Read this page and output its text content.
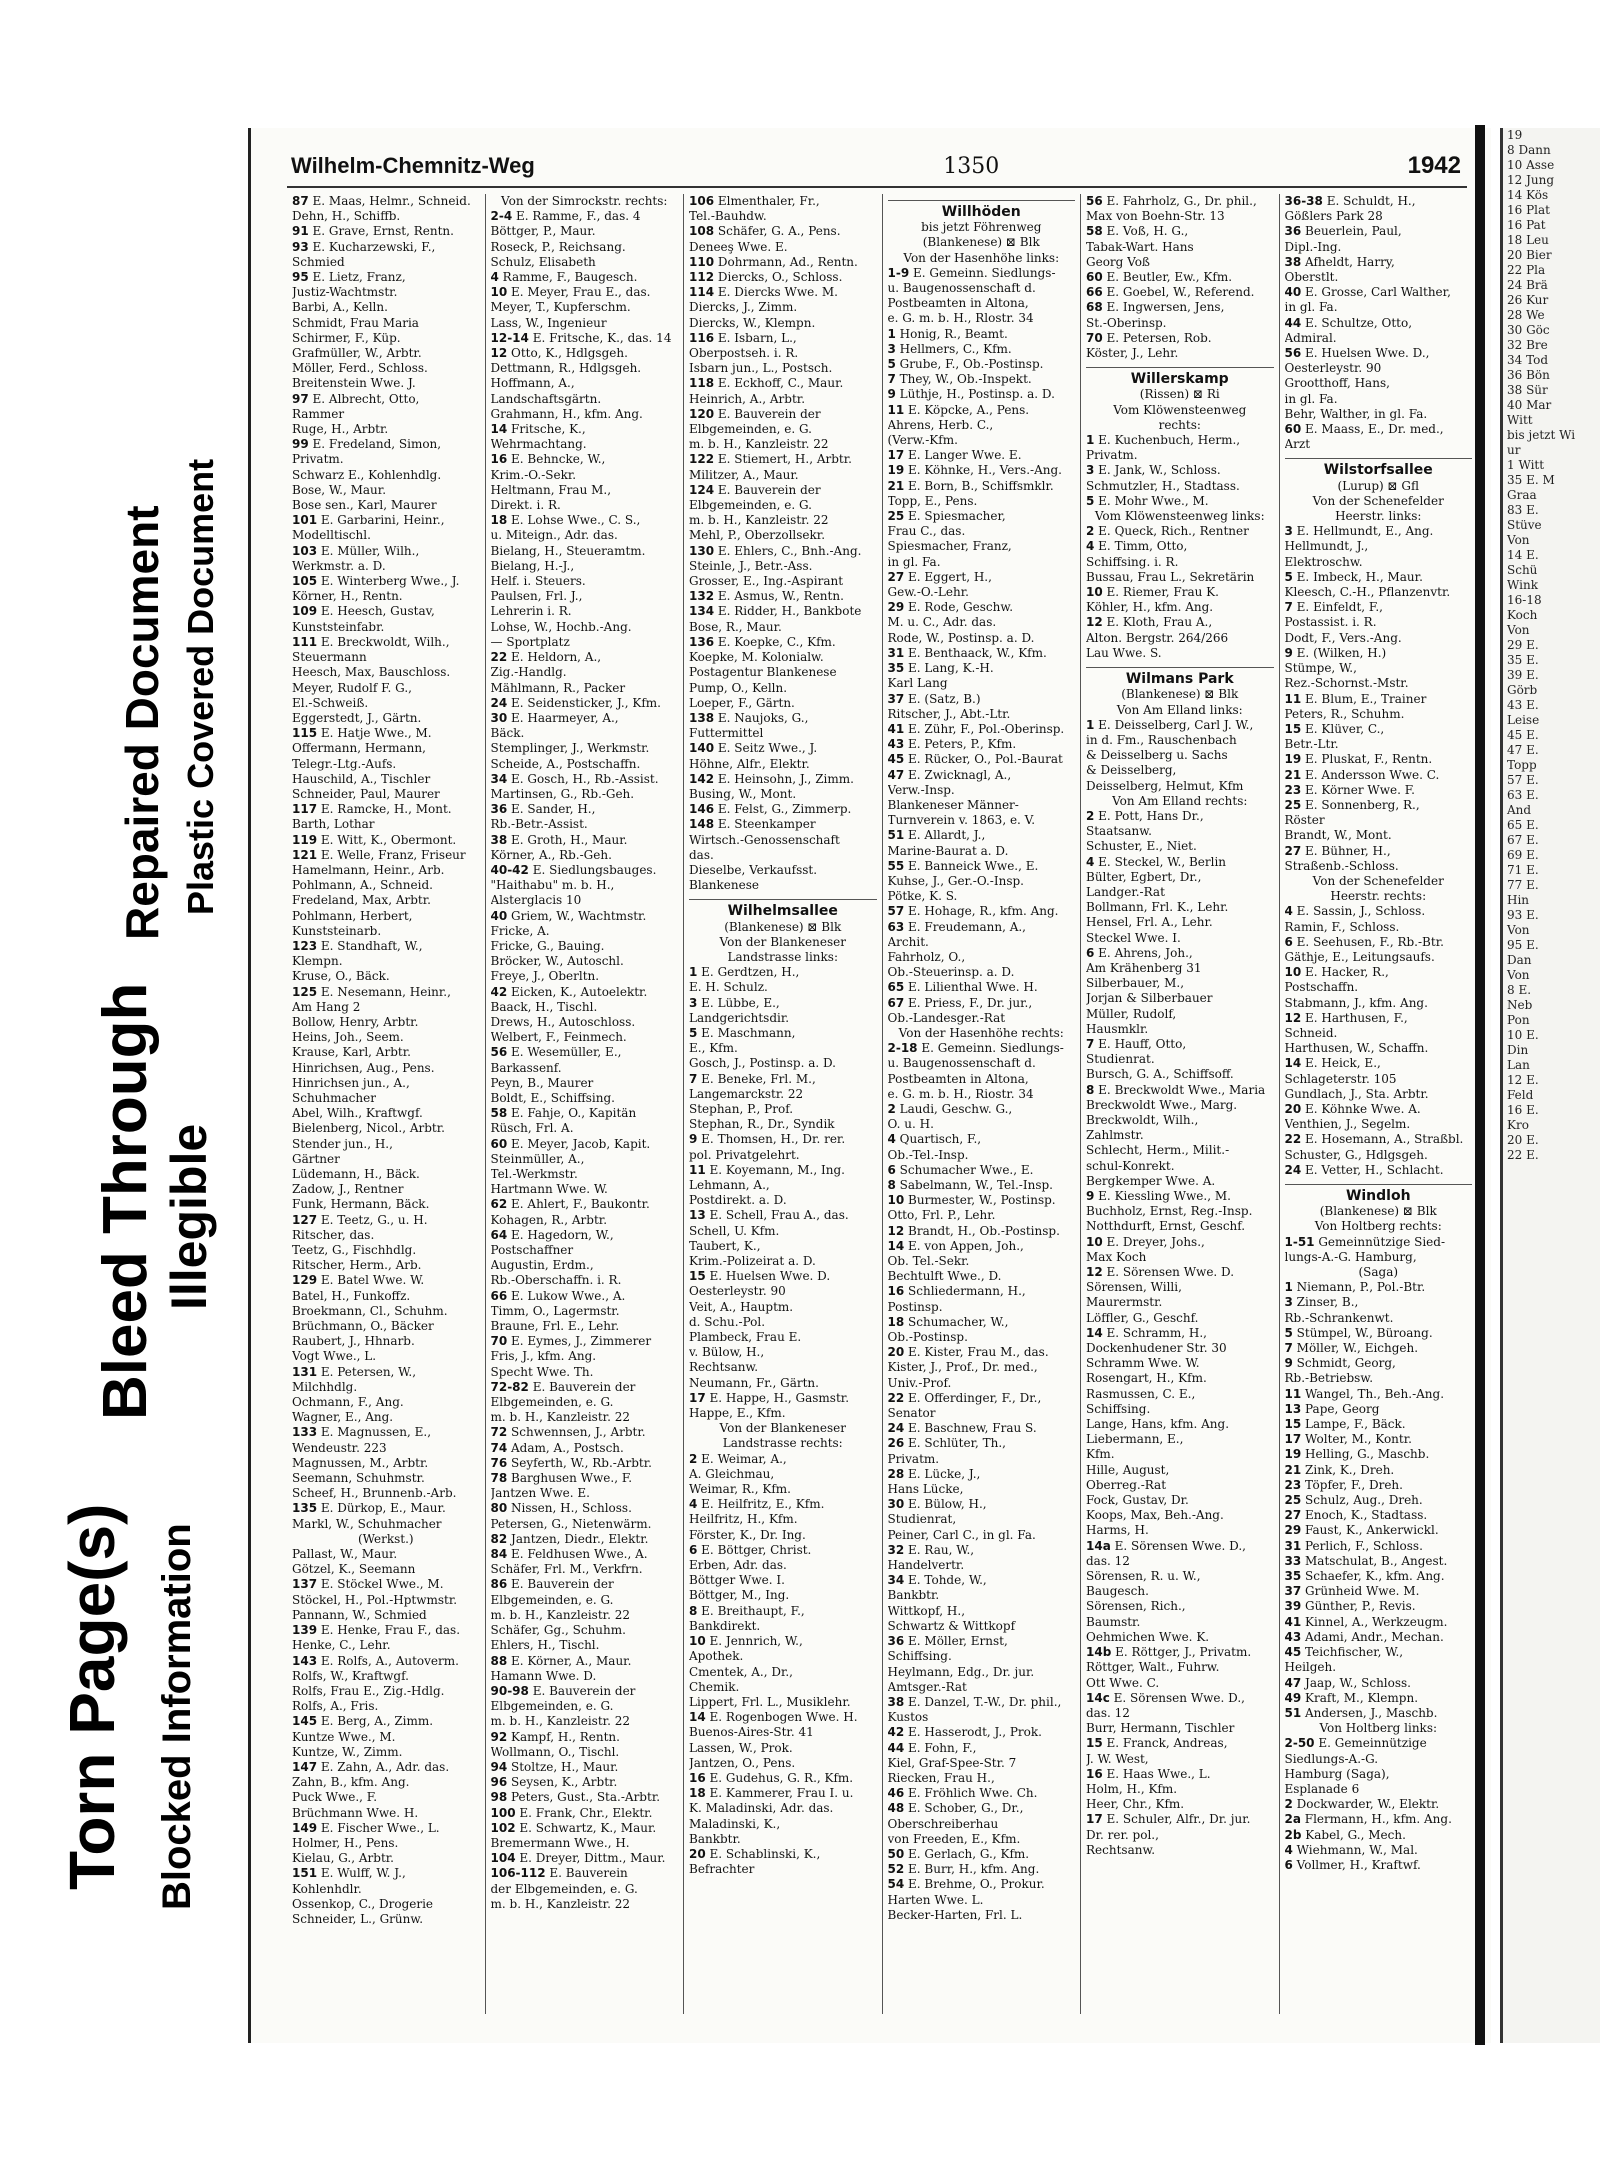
Torn Page(s) Blocked Information
Bleed Through Illegible
Repaired Document Plastic Covered Document
Wilhelm-Chemnitz-Weg	1350	1942
87 E. Maas, Helmr., Schneid.
Dehn, H., Schiffb.
91 E. Grave, Ernst, Rentn.
93 E. Kucharzewski, F.,
Schmied
95 E. Lietz, Franz,
Justiz-Wachtmstr.
Barbi, A., Kelln.
Schmidt, Frau Maria
Schirmer, F., Küp.
Grafmüller, W., Arbtr.
Möller, Ferd., Schloss.
Breitenstein Wwe. J.
97 E. Albrecht, Otto,
Rammer
Ruge, H., Arbtr.
99 E. Fredeland, Simon,
Privatm.
Schwarz E., Kohlenhdlg.
Bose, W., Maur.
Bose sen., Karl, Maurer
101 E. Garbarini, Heinr.,
Modelltischl.
103 E. Müller, Wilh.,
Werkmstr. a. D.
105 E. Winterberg Wwe., J.
Körner, H., Rentn.
109 E. Heesch, Gustav,
Kunststeinfabr.
111 E. Breckwoldt, Wilh.,
Steuermann
Heesch, Max, Bauschloss.
Meyer, Rudolf F. G.,
El.-Schweiß.
Eggerstedt, J., Gärtn.
115 E. Hatje Wwe., M.
Offermann, Hermann,
Telegr.-Ltg.-Aufs.
Hauschild, A., Tischler
Schneider, Paul, Maurer
117 E. Ramcke, H., Mont.
Barth, Lothar
119 E. Witt, K., Obermont.
121 E. Welle, Franz, Friseur
Hamelmann, Heinr., Arb.
Pohlmann, A., Schneid.
Fredeland, Max, Arbtr.
Pohlmann, Herbert,
Kunststeinarb.
123 E. Standhaft, W.,
Klempn.
Kruse, O., Bäck.
125 E. Nesemann, Heinr.,
Am Hang 2
Bollow, Henry, Arbtr.
Heins, Joh., Seem.
Krause, Karl, Arbtr.
Hinrichsen, Aug., Pens.
Hinrichsen jun., A.,
Schuhmacher
Abel, Wilh., Kraftwgf.
Bielenberg, Nicol., Arbtr.
Stender jun., H.,
Gärtner
Lüdemann, H., Bäck.
Zadow, J., Rentner
Funk, Hermann, Bäck.
127 E. Teetz, G., u. H.
Ritscher, das.
Teetz, G., Fischhdlg.
Ritscher, Herm., Arb.
129 E. Batel Wwe. W.
Batel, H., Funkoffz.
Broekmann, Cl., Schuhm.
Brüchmann, O., Bäcker
Raubert, J., Hhnarb.
Vogt Wwe., L.
131 E. Petersen, W.,
Milchhdlg.
Ochmann, F., Ang.
Wagner, E., Ang.
133 E. Magnussen, E.,
Wendeustr. 223
Magnussen, M., Arbtr.
Seemann, Schuhmstr.
Scheef, H., Brunnenb.-Arb.
135 E. Dürkop, E., Maur.
Markl, W., Schuhmacher
(Werkst.)
Pallast, W., Maur.
Götzel, K., Seemann
137 E. Stöckel Wwe., M.
Stöckel, H., Pol.-Hptwmstr.
Pannann, W., Schmied
139 E. Henke, Frau F., das.
Henke, C., Lehr.
143 E. Rolfs, A., Autoverm.
Rolfs, W., Kraftwgf.
Rolfs, Frau E., Zig.-Hdlg.
Rolfs, A., Fris.
145 E. Berg, A., Zimm.
Kuntze Wwe., M.
Kuntze, W., Zimm.
147 E. Zahn, A., Adr. das.
Zahn, B., kfm. Ang.
Puck Wwe., F.
Brüchmann Wwe. H.
149 E. Fischer Wwe., L.
Holmer, H., Pens.
Kielau, G., Arbtr.
151 E. Wulff, W. J.,
Kohlenhdlr.
Ossenkop, C., Drogerie
Schneider, L., Grünw.
Von der Simrockstr. rechts:
2-4 E. Ramme, F., das. 4
Böttger, P., Maur.
Roseck, P., Reichsang.
Schulz, Elisabeth
4 Ramme, F., Baugesch.
10 E. Meyer, Frau E., das.
Meyer, T., Kupferschm.
Lass, W., Ingenieur
12-14 E. Fritsche, K., das. 14
12 Otto, K., Hdlgsgeh.
Dettmann, R., Hdlgsgeh.
Hoffmann, A.,
Landschaftsgärtn.
Grahmann, H., kfm. Ang.
14 Fritsche, K.,
Wehrmachtang.
16 E. Behncke, W.,
Krim.-O.-Sekr.
Heltmann, Frau M.,
Direkt. i. R.
18 E. Lohse Wwe., C. S.,
u. Miteign., Adr. das.
Bielang, H., Steueramtm.
Bielang, H.-J.,
Helf. i. Steuers.
Paulsen, Frl. J.,
Lehrerin i. R.
Lohse, W., Hochb.-Ang.
— Sportplatz
22 E. Heldorn, A.,
Zig.-Handlg.
Mählmann, R., Packer
24 E. Seidensticker, J., Kfm.
30 E. Haarmeyer, A.,
Bäck.
Stemplinger, J., Werkmstr.
Scheide, A., Postschaffn.
34 E. Gosch, H., Rb.-Assist.
Martinsen, G., Rb.-Geh.
36 E. Sander, H.,
Rb.-Betr.-Assist.
38 E. Groth, H., Maur.
Körner, A., Rb.-Geh.
40-42 E. Siedlungsbauges.
"Haithabu" m. b. H.,
Alsterglacis 10
40 Griem, W., Wachtmstr.
Fricke, A.
Fricke, G., Bauing.
Bröcker, W., Autoschl.
Freye, J., Oberltn.
42 Eicken, K., Autoelektr.
Baack, H., Tischl.
Drews, H., Autoschloss.
Welbert, F., Feinmech.
56 E. Wesemüller, E.,
Barkassenf.
Peyn, B., Maurer
Boldt, E., Schiffsing.
58 E. Fahje, O., Kapitän
Rüsch, Frl. A.
60 E. Meyer, Jacob, Kapit.
Steinmüller, A.,
Tel.-Werkmstr.
Hartmann Wwe. W.
62 E. Ahlert, F., Baukontr.
Kohagen, R., Arbtr.
64 E. Hagedorn, W.,
Postschaffner
Augustin, Erdm.,
Rb.-Oberschaffn. i. R.
66 E. Lukow Wwe., A.
Timm, O., Lagermstr.
Braune, Frl. E., Lehr.
70 E. Eymes, J., Zimmerer
Fris, J., kfm. Ang.
Specht Wwe. Th.
72-82 E. Bauverein der
Elbgemeinden, e. G.
m. b. H., Kanzleistr. 22
72 Schwennsen, J., Arbtr.
74 Adam, A., Postsch.
76 Seyferth, W., Rb.-Arbtr.
78 Barghusen Wwe., F.
Jantzen Wwe. E.
80 Nissen, H., Schloss.
Petersen, G., Nietenwärm.
82 Jantzen, Diedr., Elektr.
84 E. Feldhusen Wwe., A.
Schäfer, Frl. M., Verkfrn.
86 E. Bauverein der
Elbgemeinden, e. G.
m. b. H., Kanzleistr. 22
Schäfer, Gg., Schuhm.
Ehlers, H., Tischl.
88 E. Körner, A., Maur.
Hamann Wwe. D.
90-98 E. Bauverein der
Elbgemeinden, e. G.
m. b. H., Kanzleistr. 22
92 Kampf, H., Rentn.
Wollmann, O., Tischl.
94 Stoltze, H., Maur.
96 Seysen, K., Arbtr.
98 Peters, Gust., Sta.-Arbtr.
100 E. Frank, Chr., Elektr.
102 E. Schwartz, K., Maur.
Bremermann Wwe., H.
104 E. Dreyer, Dittm., Maur.
106-112 E. Bauverein
der Elbgemeinden, e. G.
m. b. H., Kanzleistr. 22
106 Elmenthaler, Fr.,
Tel.-Bauhdw.
108 Schäfer, G. A., Pens.
Deneeş Wwe. E.
110 Dohrmann, Ad., Rentn.
112 Diercks, O., Schloss.
114 E. Diercks Wwe. M.
Diercks, J., Zimm.
Diercks, W., Klempn.
116 E. Isbarn, L.,
Oberpostseh. i. R.
Isbarn jun., L., Postsch.
118 E. Eckhoff, C., Maur.
Heinrich, A., Arbtr.
120 E. Bauverein der
Elbgemeinden, e. G.
m. b. H., Kanzleistr. 22
122 E. Stiemert, H., Arbtr.
Militzer, A., Maur.
124 E. Bauverein der
Elbgemeinden, e. G.
m. b. H., Kanzleistr. 22
Mehl, P., Oberzollsekr.
130 E. Ehlers, C., Bnh.-Ang.
Steinle, J., Betr.-Ass.
Grosser, E., Ing.-Aspirant
132 E. Asmus, W., Rentn.
134 E. Ridder, H., Bankbote
Bose, R., Maur.
136 E. Koepke, C., Kfm.
Koepke, M. Kolonialw.
Postagentur Blankenese
Pump, O., Kelln.
Loeper, F., Gärtn.
138 E. Naujoks, G.,
Futtermittel
140 E. Seitz Wwe., J.
Höhne, Alfr., Elektr.
142 E. Heinsohn, J., Zimm.
Busing, W., Mont.
146 E. Felst, G., Zimmerp.
148 E. Steenkamper
Wirtsch.-Genossenschaft
das.
Dieselbe, Verkaufsst.
Blankenese
Wilhelmsallee
(Blankenese) ⊠ Blk
Von der Blankeneser
Landstrasse links:
1 E. Gerdtzen, H.,
E. H. Schulz.
3 E. Lübbe, E.,
Landgerichtsdir.
5 E. Maschmann,
E., Kfm.
Gosch, J., Postinsp. a. D.
7 E. Beneke, Frl. M.,
Langemarckstr. 22
Stephan, P., Prof.
Stephan, R., Dr., Syndik
9 E. Thomsen, H., Dr. rer.
pol. Privatgelehrt.
11 E. Koyemann, M., Ing.
Lehmann, A.,
Postdirekt. a. D.
13 E. Schell, Frau A., das.
Schell, U. Kfm.
Taubert, K.,
Krim.-Polizeirat a. D.
15 E. Huelsen Wwe. D.
Oesterleystr. 90
Veit, A., Hauptm.
d. Schu.-Pol.
Plambeck, Frau E.
v. Bülow, H.,
Rechtsanw.
Neumann, Fr., Gärtn.
17 E. Happe, H., Gasmstr.
Happe, E., Kfm.
Von der Blankeneser
Landstrasse rechts:
2 E. Weimar, A.,
A. Gleichmau,
Weimar, R., Kfm.
4 E. Heilfritz, E., Kfm.
Heilfritz, H., Kfm.
Förster, K., Dr. Ing.
6 E. Böttger, Christ.
Erben, Adr. das.
Böttger Wwe. I.
Böttger, M., Ing.
8 E. Breithaupt, F.,
Bankdirekt.
10 E. Jennrich, W.,
Apothek.
Cmentek, A., Dr.,
Chemik.
Lippert, Frl. L., Musiklehr.
14 E. Rogenbogen Wwe. H.
Buenos-Aires-Str. 41
Lassen, W., Prok.
Jantzen, O., Pens.
16 E. Gudehus, G. R., Kfm.
18 E. Kammerer, Frau I. u.
K. Maladinski, Adr. das.
Maladinski, K.,
Bankbtr.
20 E. Schablinski, K.,
Befrachter
Willhöden
bis jetzt Föhrenweg
(Blankenese) ⊠ Blk
Von der Hasenhöhe links:
1-9 E. Gemeinn. Siedlungs-
u. Baugenossenschaft d.
Postbeamten in Altona,
e. G. m. b. H., Rlostr. 34
1 Honig, R., Beamt.
3 Hellmers, C., Kfm.
5 Grube, F., Ob.-Postinsp.
7 They, W., Ob.-Inspekt.
9 Lüthje, H., Postinsp. a. D.
11 E. Köpcke, A., Pens.
Ahrens, Herb. C.,
(Verw.-Kfm.
17 E. Langer Wwe. E.
19 E. Köhnke, H., Vers.-Ang.
21 E. Born, B., Schiffsmklr.
Topp, E., Pens.
25 E. Spiesmacher,
Frau C., das.
Spiesmacher, Franz,
in gl. Fa.
27 E. Eggert, H.,
Gew.-O.-Lehr.
29 E. Rode, Geschw.
M. u. C., Adr. das.
Rode, W., Postinsp. a. D.
31 E. Benthaack, W., Kfm.
35 E. Lang, K.-H.
Karl Lang
37 E. (Satz, B.)
Ritscher, J., Abt.-Ltr.
41 E. Zühr, F., Pol.-Oberinsp.
43 E. Peters, P., Kfm.
45 E. Rücker, O., Pol.-Baurat
47 E. Zwicknagl, A.,
Verw.-Insp.
Blankeneser Männer-
Turnverein v. 1863, e. V.
51 E. Allardt, J.,
Marine-Baurat a. D.
55 E. Banneick Wwe., E.
Kuhse, J., Ger.-O.-Insp.
Pötke, K. S.
57 E. Hohage, R., kfm. Ang.
63 E. Freudemann, A.,
Archit.
Fahrholz, O.,
Ob.-Steuerinsp. a. D.
65 E. Lilienthal Wwe. H.
67 E. Priess, F., Dr. jur.,
Ob.-Landesger.-Rat
Von der Hasenhöhe rechts:
2-18 E. Gemeinn. Siedlungs-
u. Baugenossenschaft d.
Postbeamten in Altona,
e. G. m. b. H., Riostr. 34
2 Laudi, Geschw. G.,
O. u. H.
4 Quartisch, F.,
Ob.-Tel.-Insp.
6 Schumacher Wwe., E.
8 Sabelmann, W., Tel.-Insp.
10 Burmester, W., Postinsp.
Otto, Frl. P., Lehr.
12 Brandt, H., Ob.-Postinsp.
14 E. von Appen, Joh.,
Ob. Tel.-Sekr.
Bechtulft Wwe., D.
16 Schliedermann, H.,
Postinsp.
18 Schumacher, W.,
Ob.-Postinsp.
20 E. Kister, Frau M., das.
Kister, J., Prof., Dr. med.,
Univ.-Prof.
22 E. Offerdinger, F., Dr.,
Senator
24 E. Baschnew, Frau S.
26 E. Schlüter, Th.,
Privatm.
28 E. Lücke, J.,
Hans Lücke,
30 E. Bülow, H.,
Studienrat,
Peiner, Carl C., in gl. Fa.
32 E. Rau, W.,
Handelvertr.
34 E. Tohde, W.,
Bankbtr.
Wittkopf, H.,
Schwartz & Wittkopf
36 E. Möller, Ernst,
Schiffsing.
Heylmann, Edg., Dr. jur.
Amtsger.-Rat
38 E. Danzel, T.-W., Dr. phil.,
Kustos
42 E. Hasserodt, J., Prok.
44 E. Fohn, F.,
Kiel, Graf-Spee-Str. 7
Riecken, Frau H.,
46 E. Fröhlich Wwe. Ch.
48 E. Schober, G., Dr.,
Oberschreiberhau
von Freeden, E., Kfm.
50 E. Gerlach, G., Kfm.
52 E. Burr, H., kfm. Ang.
54 E. Brehme, O., Prokur.
Harten Wwe. L.
Becker-Harten, Frl. L.
56 E. Fahrholz, G., Dr. phil.,
Max von Boehn-Str. 13
58 E. Voß, H. G.,
Tabak-Wart. Hans
Georg Voß
60 E. Beutler, Ew., Kfm.
66 E. Goebel, W., Referend.
68 E. Ingwersen, Jens,
St.-Oberinsp.
70 E. Petersen, Rob.
Köster, J., Lehr.
Willerskamp
(Rissen) ⊠ Ri
Vom Klöwensteenweg
rechts:
1 E. Kuchenbuch, Herm.,
Privatm.
3 E. Jank, W., Schloss.
Schmutzler, H., Stadtass.
5 E. Mohr Wwe., M.
Vom Klöwensteenweg links:
2 E. Queck, Rich., Rentner
4 E. Timm, Otto,
Schiffsing. i. R.
Bussau, Frau L., Sekretärin
10 E. Riemer, Frau K.
Köhler, H., kfm. Ang.
12 E. Kloth, Frau A.,
Alton. Bergstr. 264/266
Lau Wwe. S.
Wilmans Park
(Blankenese) ⊠ Blk
Von Am Elland links:
1 E. Deisselberg, Carl J. W.,
in d. Fm., Rauschenbach
& Deisselberg u. Sachs
& Deisselberg,
Deisselberg, Helmut, Kfm
Von Am Elland rechts:
2 E. Pott, Hans Dr.,
Staatsanw.
Schuster, E., Niet.
4 E. Steckel, W., Berlin
Bülter, Egbert, Dr.,
Landger.-Rat
Bollmann, Frl. K., Lehr.
Hensel, Frl. A., Lehr.
Steckel Wwe. I.
6 E. Ahrens, Joh.,
Am Krähenberg 31
Silberbauer, M.,
Jorjan & Silberbauer
Müller, Rudolf,
Hausmklr.
7 E. Hauff, Otto,
Studienrat.
Bursch, G. A., Schiffsoff.
8 E. Breckwoldt Wwe., Maria
Breckwoldt Wwe., Marg.
Breckwoldt, Wilh.,
Zahlmstr.
Schlecht, Herm., Milit.-
schul-Konrekt.
Bergkemper Wwe. A.
9 E. Kiessling Wwe., M.
Buchholz, Ernst, Reg.-Insp.
Notthdurft, Ernst, Geschf.
10 E. Dreyer, Johs.,
Max Koch
12 E. Sörensen Wwe. D.
Sörensen, Willi,
Maurermstr.
Löffler, G., Geschf.
14 E. Schramm, H.,
Dockenhudener Str. 30
Schramm Wwe. W.
Rosengart, H., Kfm.
Rasmussen, C. E.,
Schiffsing.
Lange, Hans, kfm. Ang.
Liebermann, E.,
Kfm.
Hille, August,
Oberreg.-Rat
Fock, Gustav, Dr.
Koops, Max, Beh.-Ang.
Harms, H.
14a E. Sörensen Wwe. D.,
das. 12
Sörensen, R. u. W.,
Baugesch.
Sörensen, Rich.,
Baumstr.
Oehmichen Wwe. K.
14b E. Röttger, J., Privatm.
Röttger, Walt., Fuhrw.
Ott Wwe. C.
14c E. Sörensen Wwe. D.,
das. 12
Burr, Hermann, Tischler
15 E. Franck, Andreas,
J. W. West,
16 E. Haas Wwe., L.
Holm, H., Kfm.
Heer, Chr., Kfm.
17 E. Schuler, Alfr., Dr. jur.
Dr. rer. pol.,
Rechtsanw.
36-38 E. Schuldt, H.,
Gößlers Park 28
36 Beuerlein, Paul,
Dipl.-Ing.
38 Afheldt, Harry,
Oberstlt.
40 E. Grosse, Carl Walther,
in gl. Fa.
44 E. Schultze, Otto,
Admiral.
56 E. Huelsen Wwe. D.,
Oesterleystr. 90
Grootthoff, Hans,
in gl. Fa.
Behr, Walther, in gl. Fa.
60 E. Maass, E., Dr. med.,
Arzt
Wilstorfsallee
(Lurup) ⊠ Gfl
Von der Schenefelder
Heerstr. links:
3 E. Hellmundt, E., Ang.
Hellmundt, J.,
Elektroschw.
5 E. Imbeck, H., Maur.
Kleesch, C.-H., Pflanzenvtr.
7 E. Einfeldt, F.,
Postassist. i. R.
Dodt, F., Vers.-Ang.
9 E. (Wilken, H.)
Stümpe, W.,
Rez.-Schornst.-Mstr.
11 E. Blum, E., Trainer
Peters, R., Schuhm.
15 E. Klüver, C.,
Betr.-Ltr.
19 E. Pluskat, F., Rentn.
21 E. Andersson Wwe. C.
23 E. Körner Wwe. F.
25 E. Sonnenberg, R.,
Röster
Brandt, W., Mont.
27 E. Bühner, H.,
Straßenb.-Schloss.
Von der Schenefelder
Heerstr. rechts:
4 E. Sassin, J., Schloss.
Ramin, F., Schloss.
6 E. Seehusen, F., Rb.-Btr.
Gäthje, E., Leitungsaufs.
10 E. Hacker, R.,
Postschaffn.
Stabmann, J., kfm. Ang.
12 E. Harthusen, F.,
Schneid.
Harthusen, W., Schaffn.
14 E. Heick, E.,
Schlageterstr. 105
Gundlach, J., Sta. Arbtr.
20 E. Köhnke Wwe. A.
Venthien, J., Segelm.
22 E. Hosemann, A., Straßbl.
Schuster, G., Hdlgsgeh.
24 E. Vetter, H., Schlacht.
Windloh
(Blankenese) ⊠ Blk
Von Holtberg rechts:
1-51 Gemeinnützige Sied-
lungs-A.-G. Hamburg,
(Saga)
1 Niemann, P., Pol.-Btr.
3 Zinser, B.,
Rb.-Schrankenwt.
5 Stümpel, W., Büroang.
7 Möller, W., Eichgeh.
9 Schmidt, Georg,
Rb.-Betriebsw.
11 Wangel, Th., Beh.-Ang.
13 Pape, Georg
15 Lampe, F., Bäck.
17 Wolter, M., Kontr.
19 Helling, G., Maschb.
21 Zink, K., Dreh.
23 Töpfer, F., Dreh.
25 Schulz, Aug., Dreh.
27 Enoch, K., Stadtass.
29 Faust, K., Ankerwickl.
31 Perlich, F., Schloss.
33 Matschulat, B., Angest.
35 Schaefer, K., kfm. Ang.
37 Grünheid Wwe. M.
39 Günther, P., Revis.
41 Kinnel, A., Werkzeugm.
43 Adami, Andr., Mechan.
45 Teichfischer, W.,
Heilgeh.
47 Jaap, W., Schloss.
49 Kraft, M., Klempn.
51 Andersen, J., Maschb.
Von Holtberg links:
2-50 E. Gemeinnützige
Siedlungs-A.-G.
Hamburg (Saga),
Esplanade 6
2 Dockwarder, W., Elektr.
2a Flermann, H., kfm. Ang.
2b Kabel, G., Mech.
4 Wiehmann, W., Mal.
6 Vollmer, H., Kraftwf.
19
8 Dann
10 Asse
12 Jung
14 Kös
16 Plat
16 Pat
18 Leu
20 Bier
22 Pla
24 Brä
26 Kur
28 We
30 Göc
32 Bre
34 Tod
36 Bön
38 Sür
40 Mar
Witt
bis jetzt Wi
ur
1 Witt
35 E. M
Graa
83 E.
Stüve
Von
14 E.
Schü
Wink
16-18
Koch
Von
29 E.
35 E.
39 E.
Görb
43 E.
Leise
45 E.
47 E.
Topp
57 E.
63 E.
And
65 E.
67 E.
69 E.
71 E.
77 E.
Hin
93 E.
Von
95 E.
Dan
Von
8 E.
Neb
Pon
10 E.
Din
Lan
12 E.
Feld
16 E.
Kro
20 E.
22 E.
